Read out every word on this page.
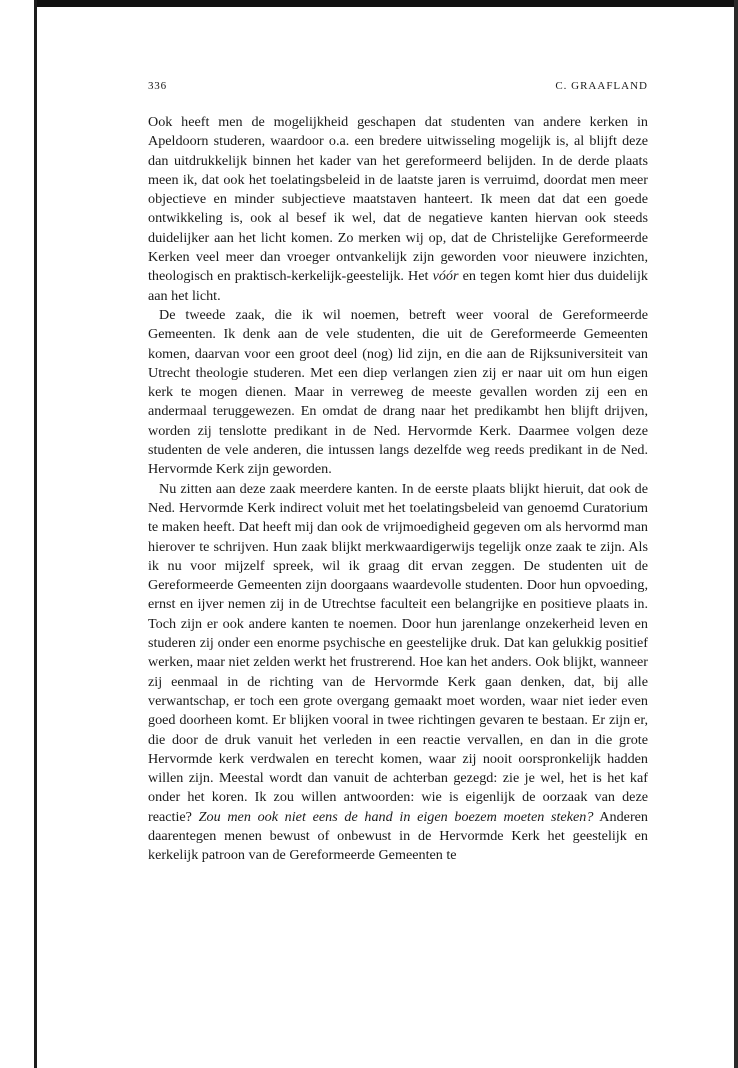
336	C. GRAAFLAND

Ook heeft men de mogelijkheid geschapen dat studenten van andere kerken in Apeldoorn studeren, waardoor o.a. een bredere uitwisseling mogelijk is, al blijft deze dan uitdrukkelijk binnen het kader van het gereformeerd belijden. In de derde plaats meen ik, dat ook het toelatingsbeleid in de laatste jaren is verruimd, doordat men meer objectieve en minder subjectieve maatstaven hanteert. Ik meen dat dat een goede ontwikkeling is, ook al besef ik wel, dat de negatieve kanten hiervan ook steeds duidelijker aan het licht komen. Zo merken wij op, dat de Christelijke Gereformeerde Kerken veel meer dan vroeger ontvankelijk zijn geworden voor nieuwere inzichten, theologisch en praktisch-kerkelijk-geestelijk. Het vóór en tegen komt hier dus duidelijk aan het licht.

De tweede zaak, die ik wil noemen, betreft weer vooral de Gereformeerde Gemeenten. Ik denk aan de vele studenten, die uit de Gereformeerde Gemeenten komen, daarvan voor een groot deel (nog) lid zijn, en die aan de Rijksuniversiteit van Utrecht theologie studeren. Met een diep verlangen zien zij er naar uit om hun eigen kerk te mogen dienen. Maar in verreweg de meeste gevallen worden zij een en andermaal teruggewezen. En omdat de drang naar het predikambt hen blijft drijven, worden zij tenslotte predikant in de Ned. Hervormde Kerk. Daarmee volgen deze studenten de vele anderen, die intussen langs dezelfde weg reeds predikant in de Ned. Hervormde Kerk zijn geworden.

Nu zitten aan deze zaak meerdere kanten. In de eerste plaats blijkt hieruit, dat ook de Ned. Hervormde Kerk indirect voluit met het toelatingsbeleid van genoemd Curatorium te maken heeft. Dat heeft mij dan ook de vrijmoedigheid gegeven om als hervormd man hierover te schrijven. Hun zaak blijkt merkwaardigerwijs tegelijk onze zaak te zijn. Als ik nu voor mijzelf spreek, wil ik graag dit ervan zeggen. De studenten uit de Gereformeerde Gemeenten zijn doorgaans waardevolle studenten. Door hun opvoeding, ernst en ijver nemen zij in de Utrechtse faculteit een belangrijke en positieve plaats in. Toch zijn er ook andere kanten te noemen. Door hun jarenlange onzekerheid leven en studeren zij onder een enorme psychische en geestelijke druk. Dat kan gelukkig positief werken, maar niet zelden werkt het frustrerend. Hoe kan het anders. Ook blijkt, wanneer zij eenmaal in de richting van de Hervormde Kerk gaan denken, dat, bij alle verwantschap, er toch een grote overgang gemaakt moet worden, waar niet ieder even goed doorheen komt. Er blijken vooral in twee richtingen gevaren te bestaan. Er zijn er, die door de druk vanuit het verleden in een reactie vervallen, en dan in die grote Hervormde kerk verdwalen en terecht komen, waar zij nooit oorspronkelijk hadden willen zijn. Meestal wordt dan vanuit de achterban gezegd: zie je wel, het is het kaf onder het koren. Ik zou willen antwoorden: wie is eigenlijk de oorzaak van deze reactie? Zou men ook niet eens de hand in eigen boezem moeten steken? Anderen daarentegen menen bewust of onbewust in de Hervormde Kerk het geestelijk en kerkelijk patroon van de Gereformeerde Gemeenten te
